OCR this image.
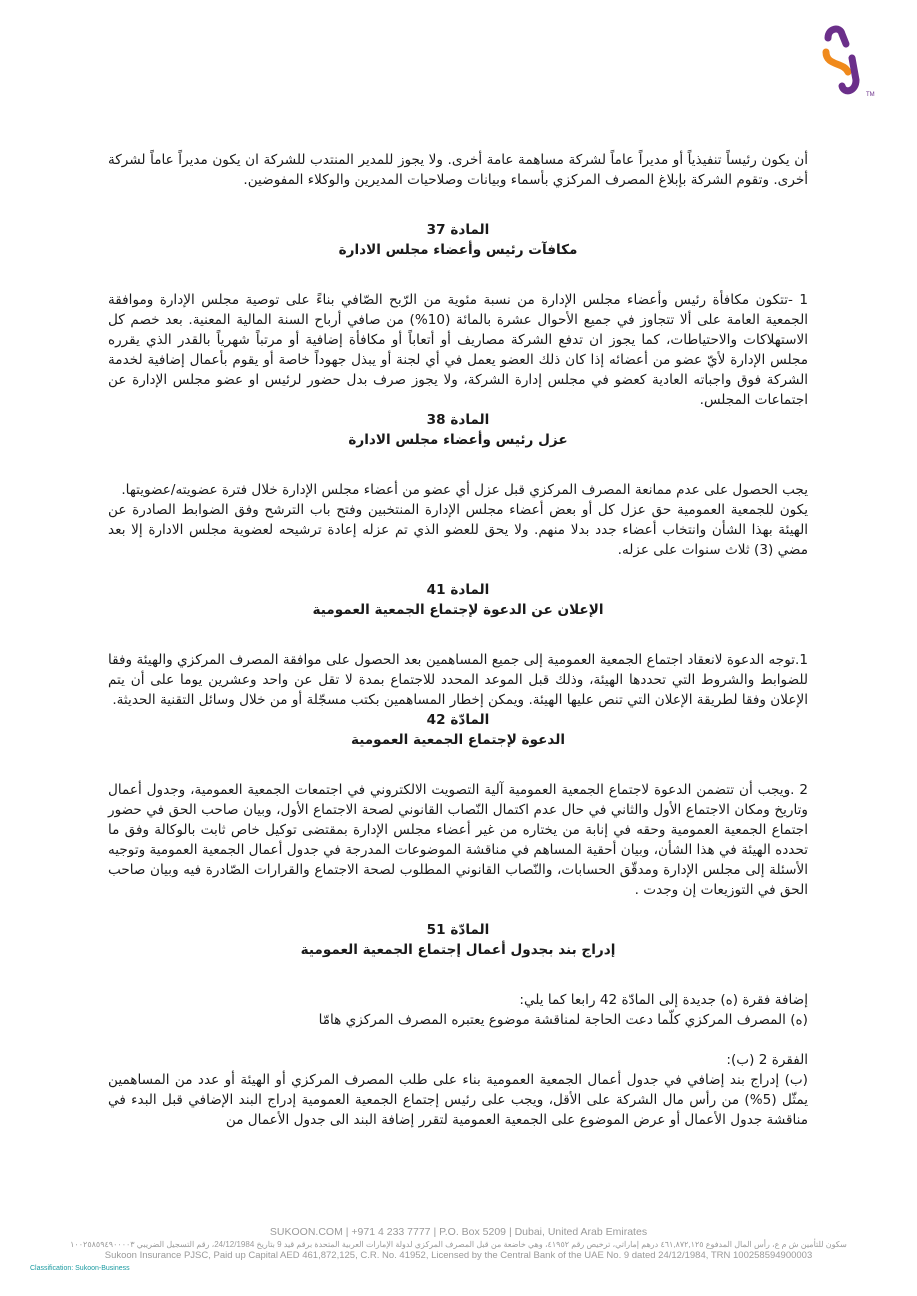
TM

أن يكون رئيساً تنفيذياً أو مديراً عاماً لشركة مساهمة عامة أخرى. ولا يجوز للمدير المنتدب للشركة ان يكون مديراً عاماً لشركة أخرى. وتقوم الشركة بإبلاغ المصرف المركزي بأسماء وبيانات وصلاحيات المديرين والوكلاء المفوضين.

المادة 37
مكافآت رئيس وأعضاء مجلس الادارة

1 -تتكون مكافأة رئيس وأعضاء مجلس الإدارة من نسبة مئوية من الرّبح الصّافي بناءً على توصية مجلس الإدارة وموافقة الجمعية العامة على ألا تتجاوز في جميع الأحوال عشرة بالمائة (10%) من صافي أرباح السنة المالية المعنية. بعد خصم كل الاستهلاكات والاحتياطات، كما يجوز ان تدفع الشركة مصاريف أو أتعاباً أو مكافأة إضافية أو مرتباً شهرياً بالقدر الذي يقرره مجلس الإدارة لأيّ عضو من أعضائه إذا كان ذلك العضو يعمل في أي لجنة أو يبذل جهوداً خاصة أو يقوم بأعمال إضافية لخدمة الشركة فوق واجباته العادية كعضو في مجلس إدارة الشركة، ولا يجوز صرف بدل حضور لرئيس او عضو مجلس الإدارة عن اجتماعات المجلس.

المادة 38
عزل رئيس وأعضاء مجلس الادارة

يجب الحصول على عدم ممانعة المصرف المركزي قبل عزل أي عضو من أعضاء مجلس الإدارة خلال فترة عضويته/عضويتها.

يكون للجمعية العمومية حق عزل كل أو بعض أعضاء مجلس الإدارة المنتخبين وفتح باب الترشح وفق الضوابط الصادرة عن الهيئة بهذا الشأن وانتخاب أعضاء جدد بدلا منهم. ولا يحق للعضو الذي تم عزله إعادة ترشيحه لعضوية مجلس الادارة إلا بعد مضي (3) ثلاث سنوات على عزله.

المادة 41
الإعلان عن الدعوة لإجتماع الجمعية العمومية

1.توجه الدعوة لانعقاد اجتماع الجمعية العمومية إلى جميع المساهمين بعد الحصول على موافقة المصرف المركزي والهيئة وفقا للضوابط والشروط التي تحددها الهيئة، وذلك قبل الموعد المحدد للاجتماع بمدة لا تقل عن واحد وعشرين يوما على أن يتم الإعلان وفقا لطريقة الإعلان التي تنص عليها الهيئة. ويمكن إخطار المساهمين بكتب مسجّلة أو من خلال وسائل التقنية الحديثة.

المادّة 42
الدعوة لإجتماع الجمعية العمومية

2 .ويجب أن تتضمن الدعوة لاجتماع الجمعية العمومية آلية التصويت الالكتروني في اجتمعات الجمعية العمومية، وجدول أعمال وتاريخ ومكان الاجتماع الأول والثاني في حال عدم اكتمال النّصاب القانوني لصحة الاجتماع الأول، وبيان صاحب الحق في حضور اجتماع الجمعية العمومية وحقه في إنابة من يختاره من غير أعضاء مجلس الإدارة بمقتضى توكيل خاص ثابت بالوكالة وفق ما تحدده الهيئة في هذا الشأن، وبيان أحقية المساهم في مناقشة الموضوعات المدرجة في جدول أعمال الجمعية العمومية وتوجيه الأسئلة إلى مجلس الإدارة ومدقّق الحسابات، والنّصاب القانوني المطلوب لصحة الاجتماع والقرارات الصّادرة فيه وبيان صاحب الحق في التوزيعات إن وجدت .

المادّة 51
إدراج بند بجدول أعمال إجتماع الجمعية العمومية

إضافة فقرة (ه) جديدة إلى المادّة 42 رابعا كما يلي:

(ه) المصرف المركزي كلّما دعت الحاجة لمناقشة موضوع يعتبره المصرف المركزي هامّا

الفقرة 2 (ب):

(ب) إدراج بند إضافي في جدول أعمال الجمعية العمومية بناء على طلب المصرف المركزي أو الهيئة أو عدد من المساهمين يمثّل (5%) من رأس مال الشركة على الأقل، ويجب على رئيس إجتماع الجمعية العمومية إدراج البند الإضافي قبل البدء في مناقشة جدول الأعمال أو عرض الموضوع على الجمعية العمومية لتقرر إضافة البند الى جدول الأعمال من

SUKOON.COM | +971 4 233 7777 | P.O. Box 5209 | Dubai, United Arab Emirates
سكون للتأمين ش م ع، رأس المال المدفوع ٤٦١,٨٧٢,١٢٥ درهم إماراتي، ترخيص رقم ٤١٩٥٢، وهي خاضعة من قبل المصرف المركزي لدولة الإمارات العربية المتحدة برقم قيد 9 بتاريخ 24/12/1984، رقم التسجيل الضريبي ١٠٠٢٥٨٥٩٤٩٠٠٠٠٣
Sukoon Insurance PJSC, Paid up Capital AED 461,872,125, C.R. No. 41952, Licensed by the Central Bank of the UAE No. 9 dated 24/12/1984, TRN 100258594900003
Classification: Sukoon-Business
